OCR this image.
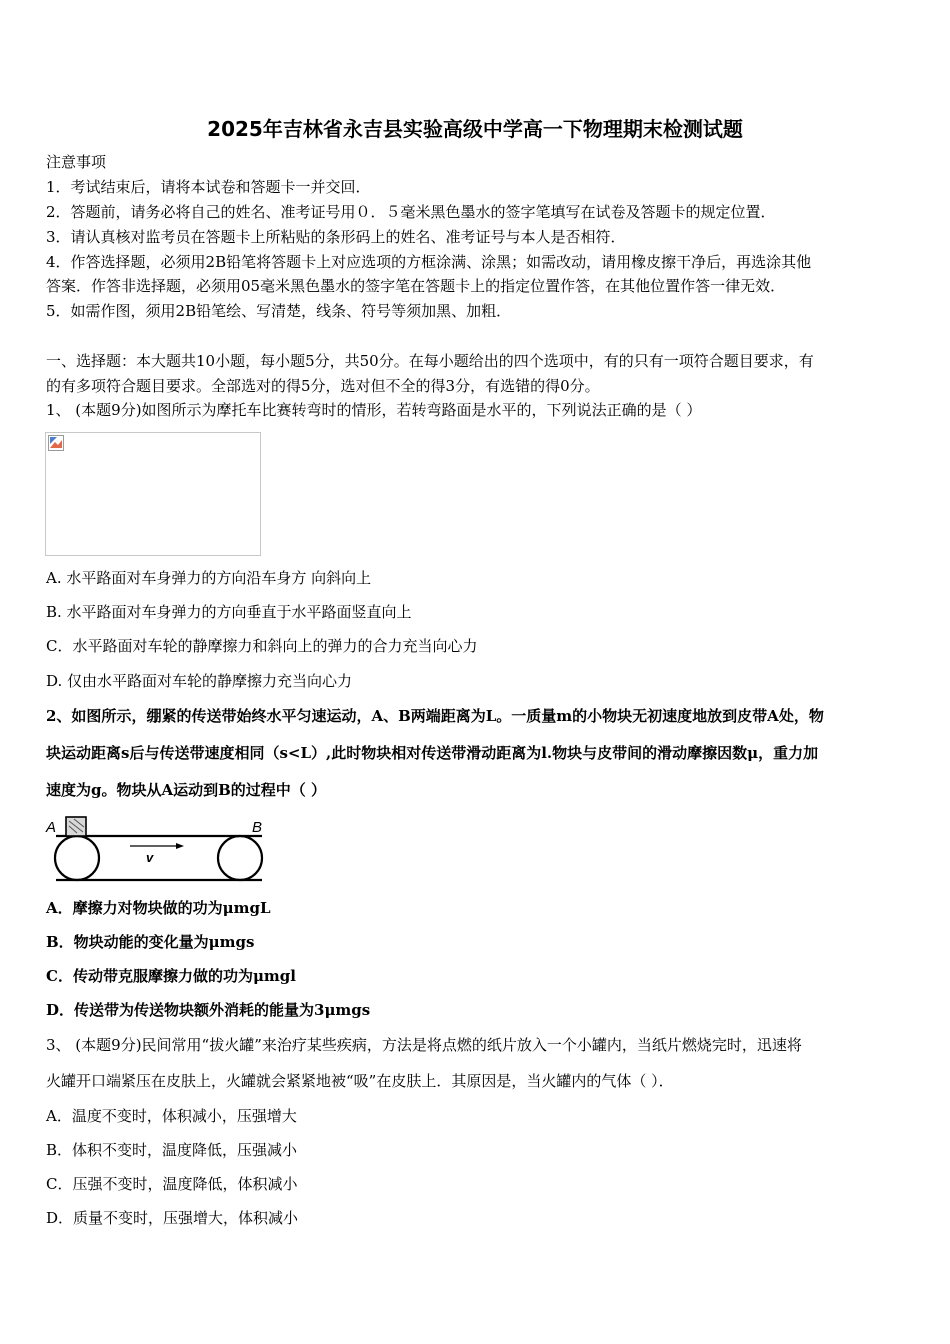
2025年吉林省永吉县实验高级中学高一下物理期末检测试题
注意事项
1．考试结束后，请将本试卷和答题卡一并交回．
2．答题前，请务必将自己的姓名、准考证号用０．５毫米黑色墨水的签字笔填写在试卷及答题卡的规定位置．
3．请认真核对监考员在答题卡上所粘贴的条形码上的姓名、准考证号与本人是否相符．
4．作答选择题，必须用2B铅笔将答题卡上对应选项的方框涂满、涂黑；如需改动，请用橡皮擦干净后，再选涂其他
答案．作答非选择题，必须用05毫米黑色墨水的签字笔在答题卡上的指定位置作答，在其他位置作答一律无效．
5．如需作图，须用2B铅笔绘、写清楚，线条、符号等须加黑、加粗．
一、选择题：本大题共10小题，每小题5分，共50分。在每小题给出的四个选项中，有的只有一项符合题目要求，有
的有多项符合题目要求。全部选对的得5分，选对但不全的得3分，有选错的得0分。
1、 (本题9分)如图所示为摩托车比赛转弯时的情形，若转弯路面是水平的，下列说法正确的是（ ）
A. 水平路面对车身弹力的方向沿车身方 向斜向上
B. 水平路面对车身弹力的方向垂直于水平路面竖直向上
C．水平路面对车轮的静摩擦力和斜向上的弹力的合力充当向心力
D. 仅由水平路面对车轮的静摩擦力充当向心力
2、如图所示，绷紧的传送带始终水平匀速运动，A、B两端距离为L。一质量m的小物块无初速度地放到皮带A处，物
块运动距离s后与传送带速度相同（s<L）,此时物块相对传送带滑动距离为l.物块与皮带间的滑动摩擦因数μ，重力加
速度为g。物块从A运动到B的过程中（ ）
A	B
v
A．摩擦力对物块做的功为μmgL
B．物块动能的变化量为μmgs
C．传动带克服摩擦力做的功为μmgl
D．传送带为传送物块额外消耗的能量为3μmgs
3、 (本题9分)民间常用“拔火罐”来治疗某些疾病，方法是将点燃的纸片放入一个小罐内，当纸片燃烧完时，迅速将
火罐开口端紧压在皮肤上，火罐就会紧紧地被“吸”在皮肤上．其原因是，当火罐内的气体（ ）．
A．温度不变时，体积减小，压强增大
B．体积不变时，温度降低，压强减小
C．压强不变时，温度降低，体积减小
D．质量不变时，压强增大，体积减小
